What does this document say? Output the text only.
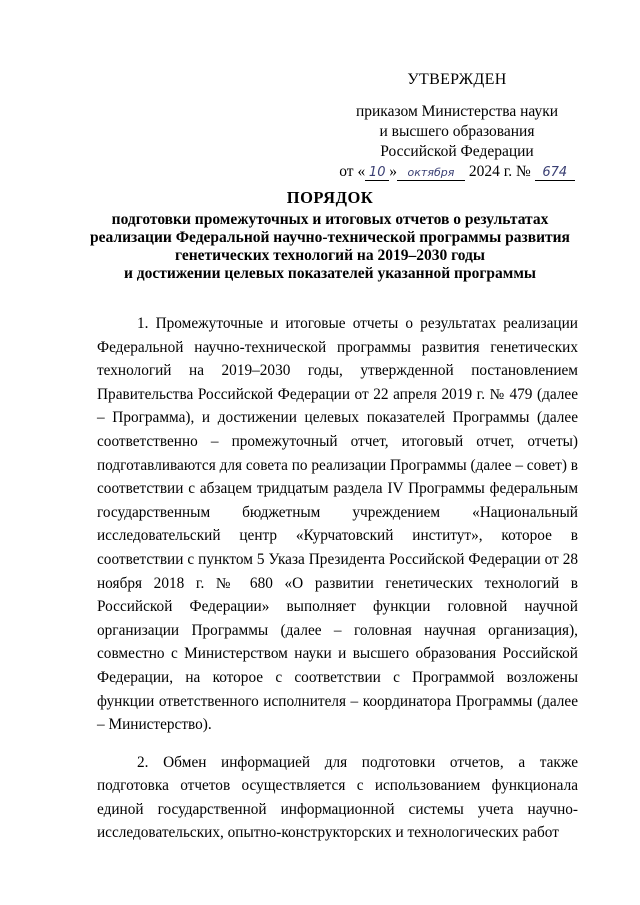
УТВЕРЖДЕН
приказом Министерства науки
и высшего образования
Российской Федерации
от « 10 » октября 2024 г. № 674
ПОРЯДОК
подготовки промежуточных и итоговых отчетов о результатах
реализации Федеральной научно-технической программы развития
генетических технологий на 2019–2030 годы
и достижении целевых показателей указанной программы

1. Промежуточные и итоговые отчеты о результатах реализации Федеральной научно-технической программы развития генетических технологий на 2019–2030 годы, утвержденной постановлением Правительства Российской Федерации от 22 апреля 2019 г. № 479 (далее – Программа), и достижении целевых показателей Программы (далее соответственно – промежуточный отчет, итоговый отчет, отчеты) подготавливаются для совета по реализации Программы (далее – совет) в соответствии с абзацем тридцатым раздела IV Программы федеральным государственным бюджетным учреждением «Национальный исследовательский центр «Курчатовский институт», которое в соответствии с пунктом 5 Указа Президента Российской Федерации от 28 ноября 2018 г. № 680 «О развитии генетических технологий в Российской Федерации» выполняет функции головной научной организации Программы (далее – головная научная организация), совместно с Министерством науки и высшего образования Российской Федерации, на которое с соответствии с Программой возложены функции ответственного исполнителя – координатора Программы (далее – Министерство).

2. Обмен информацией для подготовки отчетов, а также подготовка отчетов осуществляется с использованием функционала единой государственной информационной системы учета научно-исследовательских, опытно-конструкторских и технологических работ
